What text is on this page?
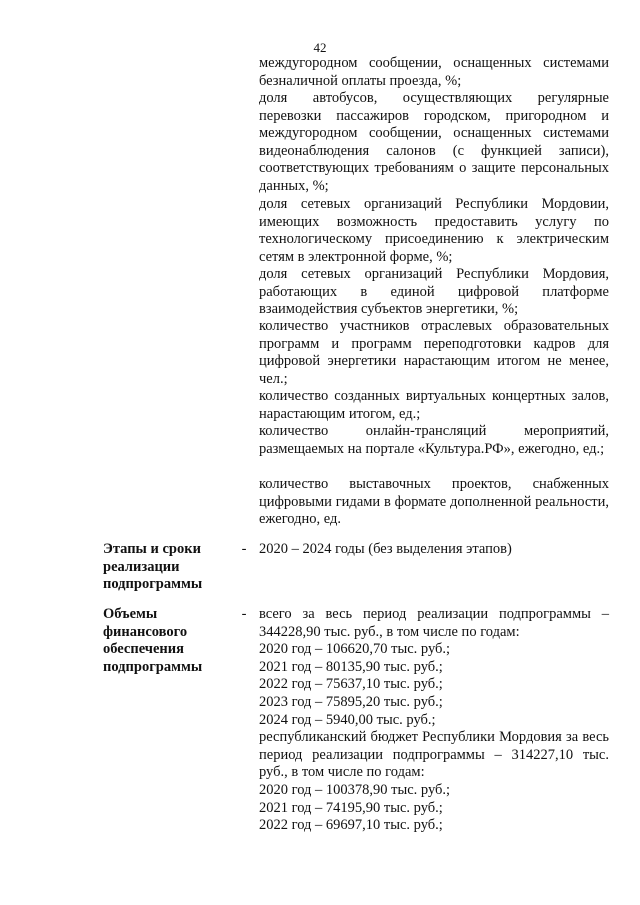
42

междугородном сообщении, оснащенных системами безналичной оплаты проезда, %;

доля автобусов, осуществляющих регулярные перевозки пассажиров городском, пригородном и междугородном сообщении, оснащенных системами видеонаблюдения салонов (с функцией записи), соответствующих требованиям о защите персональных данных, %;

доля сетевых организаций Республики Мордовии, имеющих возможность предоставить услугу по технологическому присоединению к электрическим сетям в электронной форме, %;

доля сетевых организаций Республики Мордовия, работающих в единой цифровой платформе взаимодействия субъектов энергетики, %;

количество участников отраслевых образовательных программ и программ переподготовки кадров для цифровой энергетики нарастающим итогом не менее, чел.;

количество созданных виртуальных концертных залов, нарастающим итогом, ед.;

количество онлайн-трансляций мероприятий, размещаемых на портале «Культура.РФ», ежегодно, ед.;

количество выставочных проектов, снабженных цифровыми гидами в формате дополненной реальности, ежегодно, ед.

Этапы и сроки реализации подпрограммы

- 2020 – 2024 годы (без выделения этапов)

Объемы финансового обеспечения подпрограммы

- всего за весь период реализации подпрограммы – 344228,90 тыс. руб., в том числе по годам:
2020 год – 106620,70 тыс. руб.;
2021 год – 80135,90 тыс. руб.;
2022 год – 75637,10 тыс. руб.;
2023 год – 75895,20 тыс. руб.;
2024 год – 5940,00 тыс. руб.;
республиканский бюджет Республики Мордовия за весь период реализации подпрограммы – 314227,10 тыс. руб., в том числе по годам:
2020 год – 100378,90 тыс. руб.;
2021 год – 74195,90 тыс. руб.;
2022 год – 69697,10 тыс. руб.;
